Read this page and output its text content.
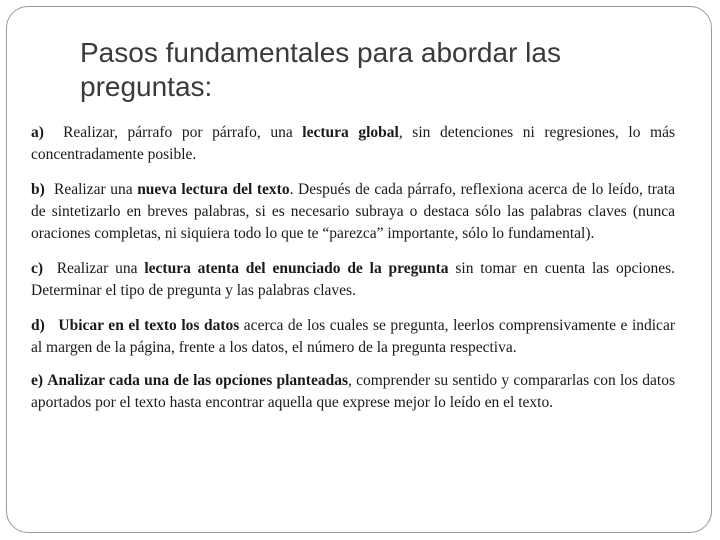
Pasos fundamentales para abordar las preguntas:

a)  Realizar, párrafo por párrafo, una lectura global, sin detenciones ni regresiones, lo más concentradamente posible.

b)  Realizar una nueva lectura del texto. Después de cada párrafo, reflexiona acerca de lo leído, trata de sintetizarlo en breves palabras, si es necesario subraya o destaca sólo las palabras claves (nunca oraciones completas, ni siquiera todo lo que te “parezca” importante, sólo lo fundamental).

c)  Realizar una lectura atenta del enunciado de la pregunta sin tomar en cuenta las opciones. Determinar el tipo de pregunta y las palabras claves.

d) Ubicar en el texto los datos acerca de los cuales se pregunta, leerlos comprensivamente e indicar al margen de la página, frente a los datos, el número de la pregunta respectiva.

e) Analizar cada una de las opciones planteadas, comprender su sentido y compararlas con los datos aportados por el texto hasta encontrar aquella que exprese mejor lo leído en el texto.
